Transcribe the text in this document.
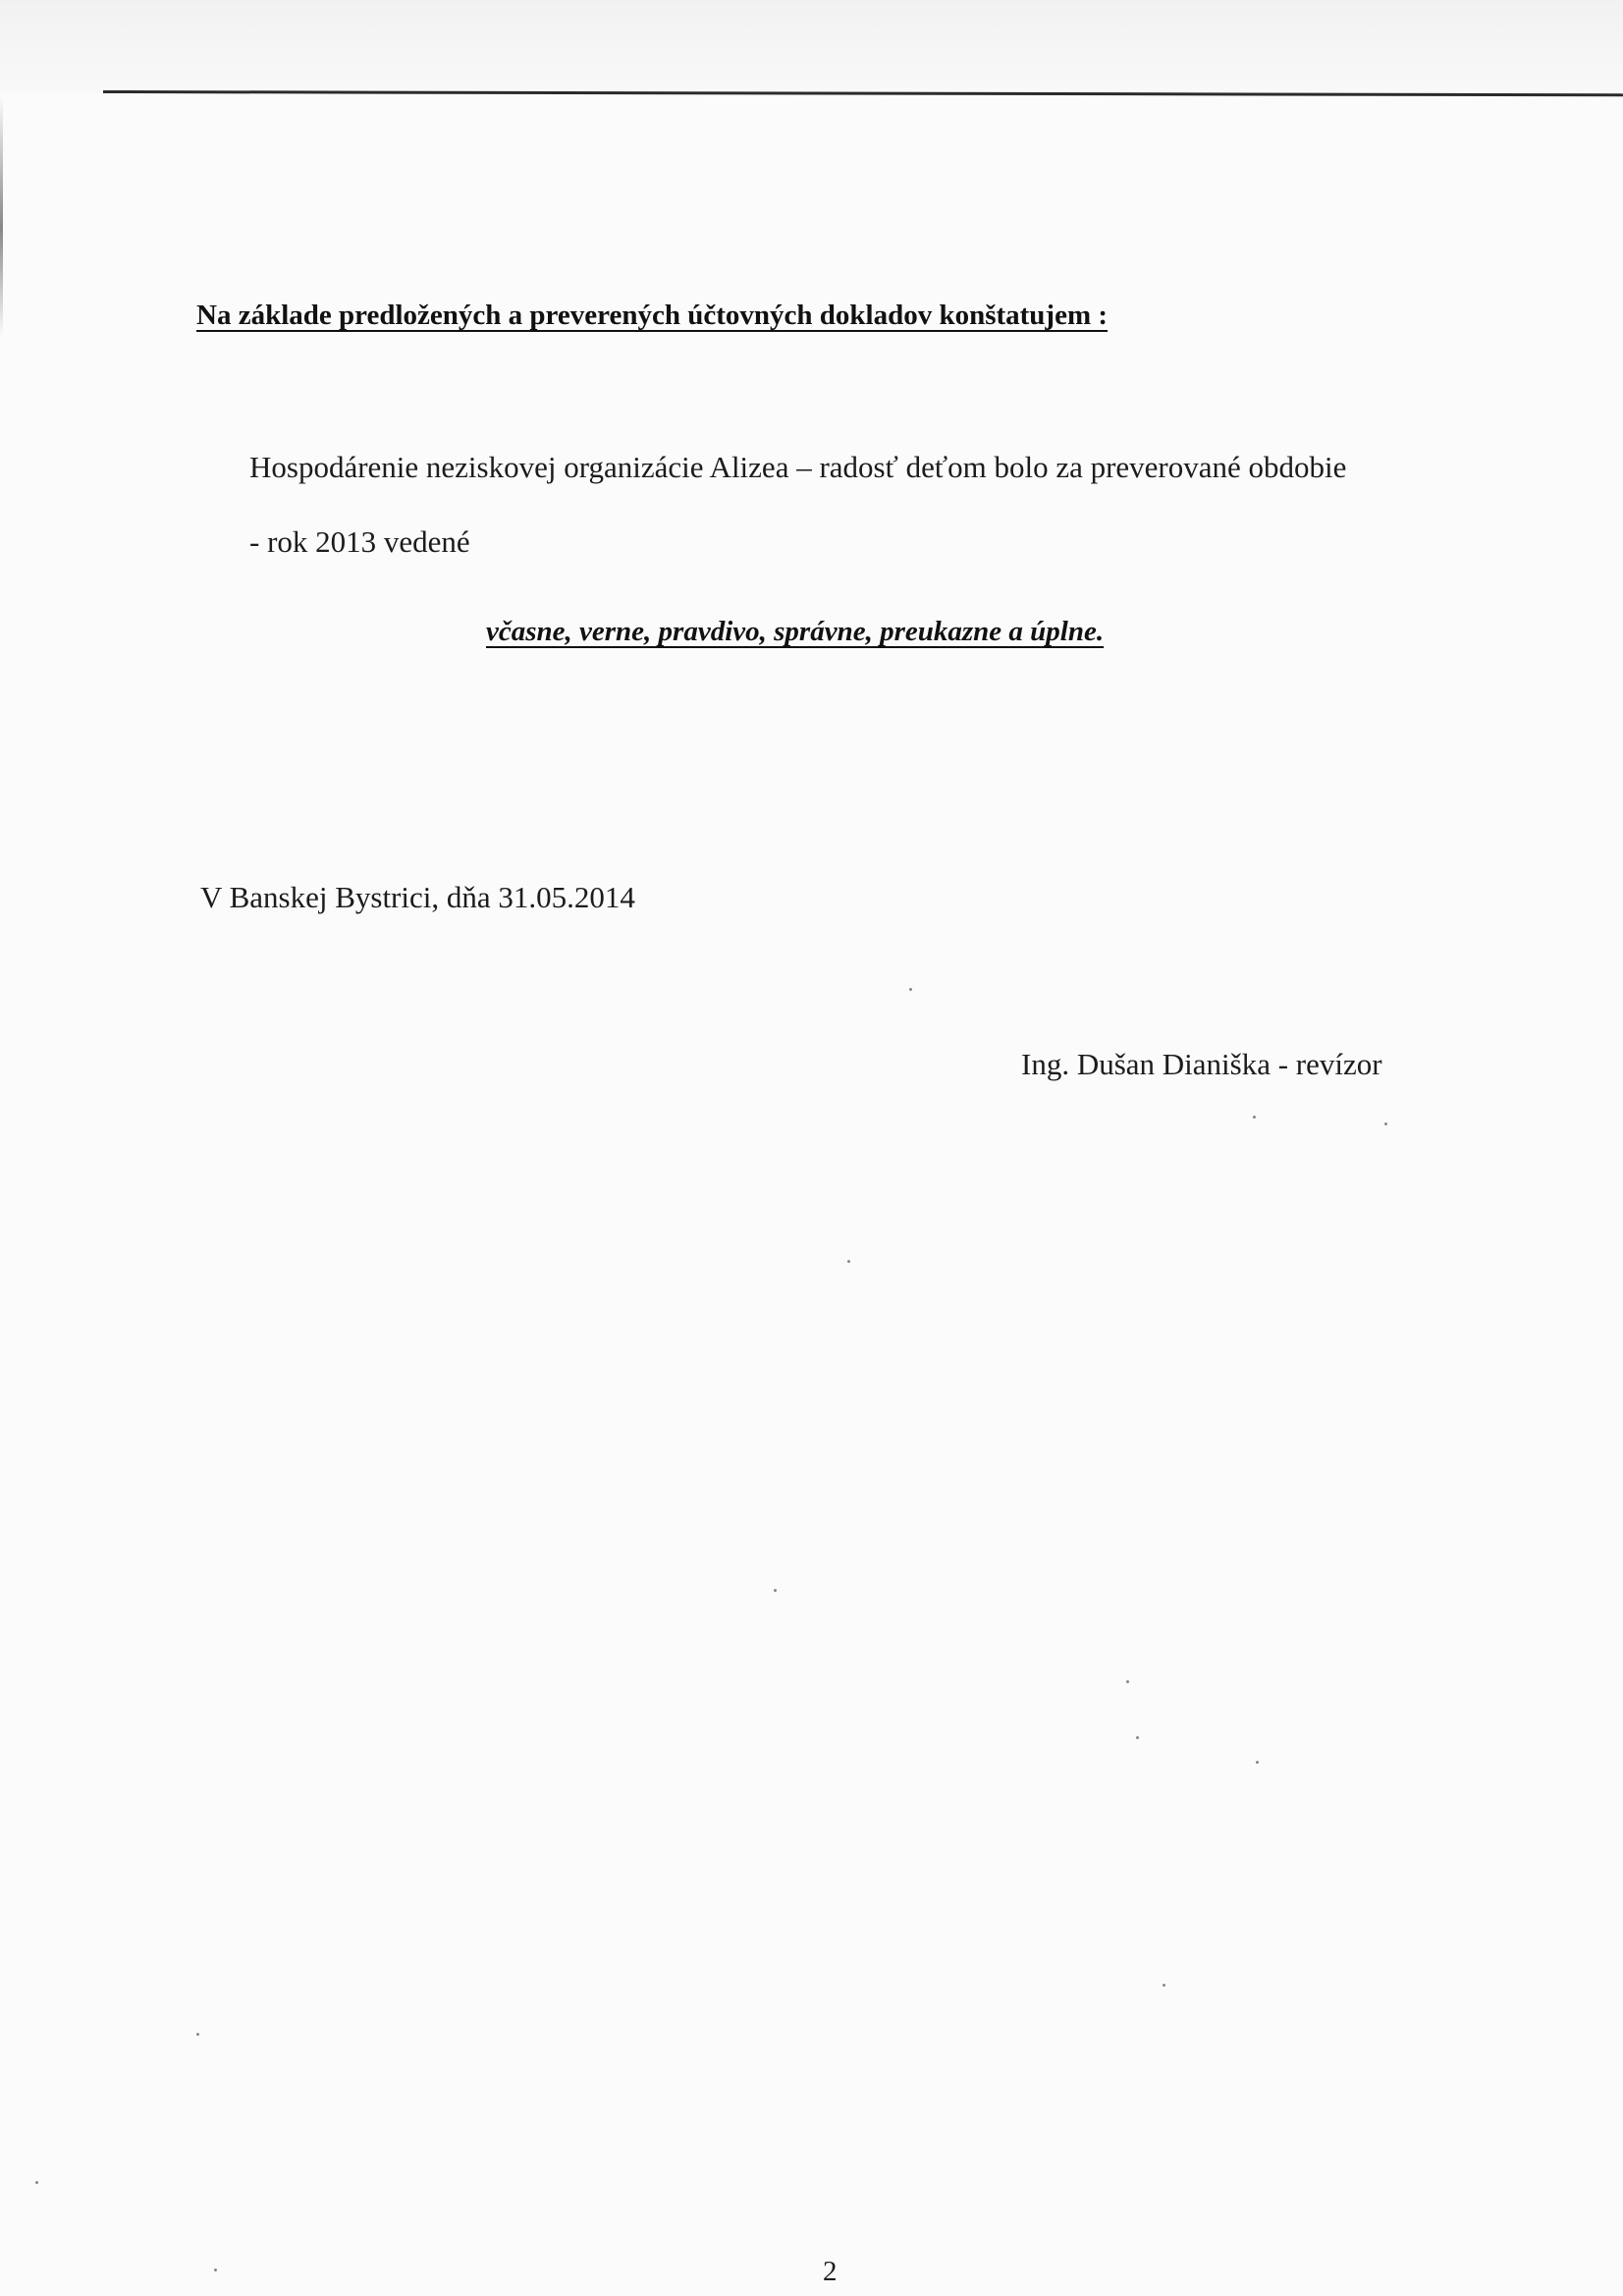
Na základe predložených a preverených účtovných dokladov konštatujem :
Hospodárenie neziskovej organizácie Alizea – radosť deťom bolo za preverované obdobie
- rok 2013 vedené
včasne, verne, pravdivo, správne, preukazne a úplne.
V Banskej Bystrici, dňa 31.05.2014
Ing. Dušan Dianiška - revízor
2
